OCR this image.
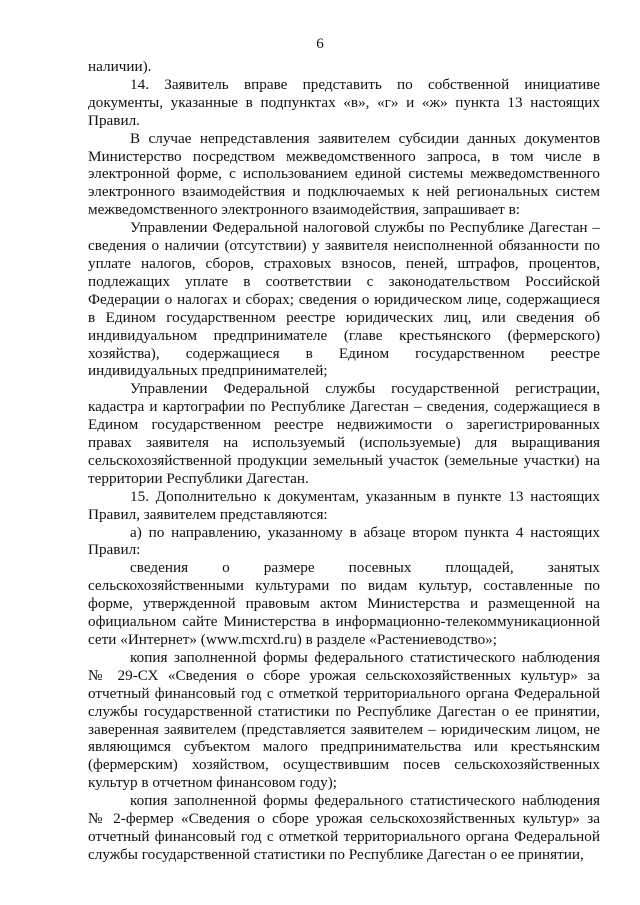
6

наличии).

14. Заявитель вправе представить по собственной инициативе документы, указанные в подпунктах «в», «г» и «ж» пункта 13 настоящих Правил.

В случае непредставления заявителем субсидии данных документов Министерство посредством межведомственного запроса, в том числе в электронной форме, с использованием единой системы межведомственного электронного взаимодействия и подключаемых к ней региональных систем межведомственного электронного взаимодействия, запрашивает в:

Управлении Федеральной налоговой службы по Республике Дагестан – сведения о наличии (отсутствии) у заявителя неисполненной обязанности по уплате налогов, сборов, страховых взносов, пеней, штрафов, процентов, подлежащих уплате в соответствии с законодательством Российской Федерации о налогах и сборах; сведения о юридическом лице, содержащиеся в Едином государственном реестре юридических лиц, или сведения об индивидуальном предпринимателе (главе крестьянского (фермерского) хозяйства), содержащиеся в Едином государственном реестре индивидуальных предпринимателей;

Управлении Федеральной службы государственной регистрации, кадастра и картографии по Республике Дагестан – сведения, содержащиеся в Едином государственном реестре недвижимости о зарегистрированных правах заявителя на используемый (используемые) для выращивания сельскохозяйственной продукции земельный участок (земельные участки) на территории Республики Дагестан.

15. Дополнительно к документам, указанным в пункте 13 настоящих Правил, заявителем представляются:

а) по направлению, указанному в абзаце втором пункта 4 настоящих Правил:

сведения о размере посевных площадей, занятых сельскохозяйственными культурами по видам культур, составленные по форме, утвержденной правовым актом Министерства и размещенной на официальном сайте Министерства в информационно-телекоммуникационной сети «Интернет» (www.mcxrd.ru) в разделе «Растениеводство»;

копия заполненной формы федерального статистического наблюдения № 29-СХ «Сведения о сборе урожая сельскохозяйственных культур» за отчетный финансовый год с отметкой территориального органа Федеральной службы государственной статистики по Республике Дагестан о ее принятии, заверенная заявителем (представляется заявителем – юридическим лицом, не являющимся субъектом малого предпринимательства или крестьянским (фермерским) хозяйством, осуществившим посев сельскохозяйственных культур в отчетном финансовом году);

копия заполненной формы федерального статистического наблюдения № 2-фермер «Сведения о сборе урожая сельскохозяйственных культур» за отчетный финансовый год с отметкой территориального органа Федеральной службы государственной статистики по Республике Дагестан о ее принятии,
